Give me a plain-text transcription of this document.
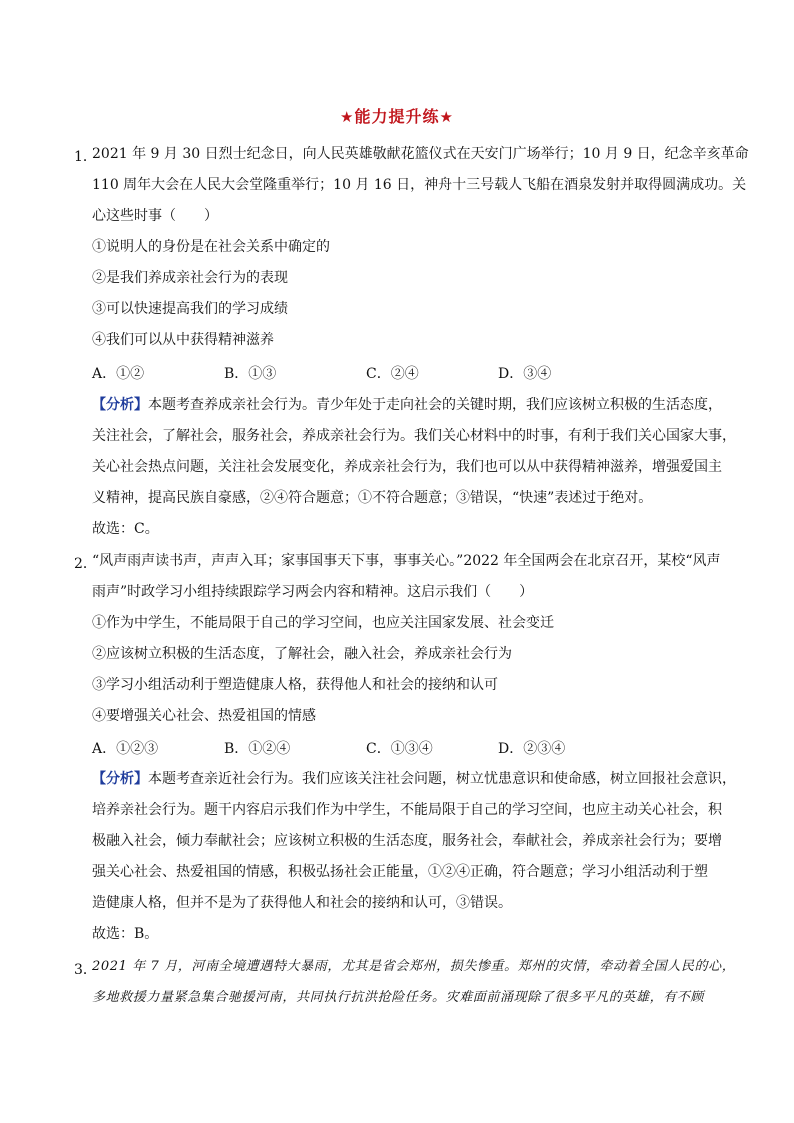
★能力提升练★
1．
2021 年 9 月 30 日烈士纪念日，向人民英雄敬献花篮仪式在天安门广场举行；10 月 9 日，纪念辛亥革命
110 周年大会在人民大会堂隆重举行；10 月 16 日，神舟十三号载人飞船在酒泉发射并取得圆满成功。关
心这些时事（　　）
①说明人的身份是在社会关系中确定的
②是我们养成亲社会行为的表现
③可以快速提高我们的学习成绩
④我们可以从中获得精神滋养
A．①②	B．①③	C．②④	D．③④
【分析】本题考查养成亲社会行为。青少年处于走向社会的关键时期，我们应该树立积极的生活态度，
关注社会，了解社会，服务社会，养成亲社会行为。我们关心材料中的时事，有利于我们关心国家大事，
关心社会热点问题，关注社会发展变化，养成亲社会行为，我们也可以从中获得精神滋养，增强爱国主
义精神，提高民族自豪感，②④符合题意；①不符合题意；③错误，“快速”表述过于绝对。
故选：C。
2．
“风声雨声读书声，声声入耳；家事国事天下事，事事关心。”2022 年全国两会在北京召开，某校“风声
雨声”时政学习小组持续跟踪学习两会内容和精神。这启示我们（　　）
①作为中学生，不能局限于自己的学习空间，也应关注国家发展、社会变迁
②应该树立积极的生活态度，了解社会，融入社会，养成亲社会行为
③学习小组活动利于塑造健康人格，获得他人和社会的接纳和认可
④要增强关心社会、热爱祖国的情感
A．①②③	B．①②④	C．①③④	D．②③④
【分析】本题考查亲近社会行为。我们应该关注社会问题，树立忧患意识和使命感，树立回报社会意识，
培养亲社会行为。题干内容启示我们作为中学生，不能局限于自己的学习空间，也应主动关心社会，积
极融入社会，倾力奉献社会；应该树立积极的生活态度，服务社会，奉献社会，养成亲社会行为；要增
强关心社会、热爱祖国的情感，积极弘扬社会正能量，①②④正确，符合题意；学习小组活动利于塑
造健康人格，但并不是为了获得他人和社会的接纳和认可，③错误。
故选：B。
3．
2021 年 7 月，河南全境遭遇特大暴雨，尤其是省会郑州，损失惨重。郑州的灾情，牵动着全国人民的心，
多地救援力量紧急集合驰援河南，共同执行抗洪抢险任务。灾难面前涌现除了很多平凡的英雄，有不顾
